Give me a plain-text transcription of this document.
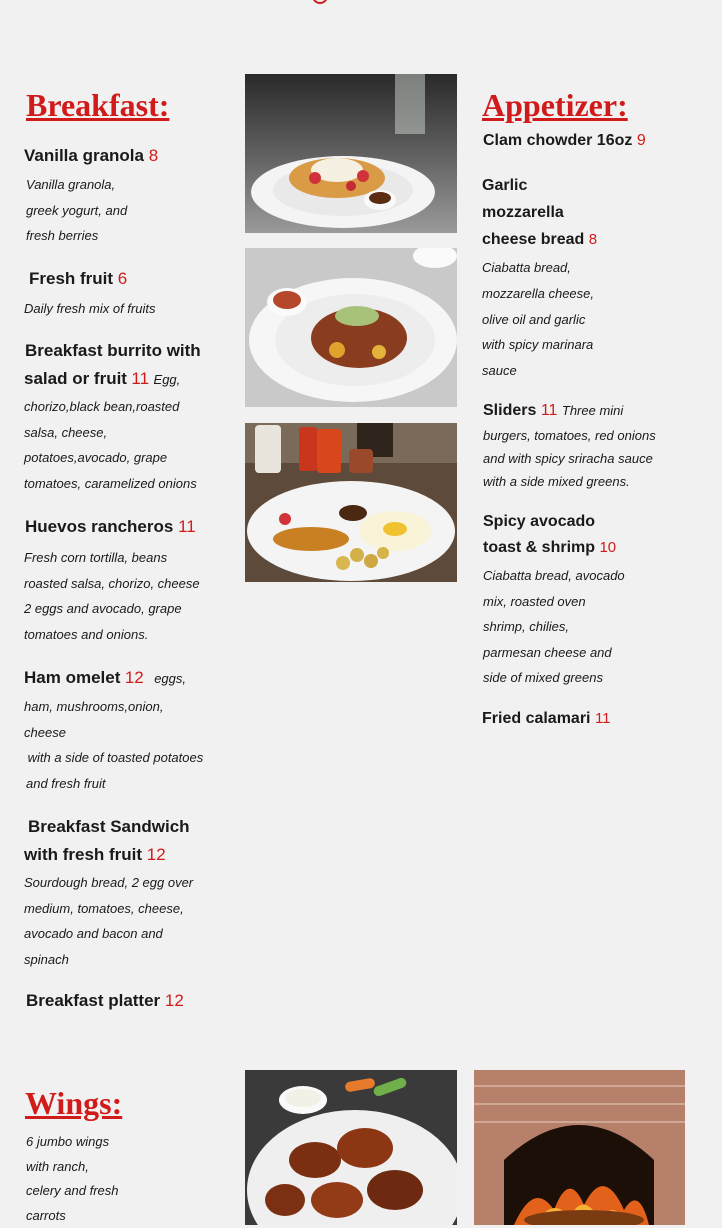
Breakfast:
Vanilla granola 8
Vanilla granola,
greek yogurt, and
fresh berries
Fresh fruit 6
Daily fresh mix of fruits
Breakfast burrito with
salad or fruit 11 Egg,
chorizo,black bean,roasted
salsa, cheese,
potatoes,avocado, grape
tomatoes, caramelized onions
Huevos rancheros 11
Fresh corn tortilla, beans
roasted salsa, chorizo, cheese
2 eggs and avocado, grape
tomatoes and onions.
Ham omelet 12 eggs,
ham, mushrooms,onion,
cheese
with a side of toasted potatoes
and fresh fruit
Breakfast Sandwich
with fresh fruit 12
Sourdough bread, 2 egg over
medium, tomatoes, cheese,
avocado and bacon and
spinach
Breakfast platter 12
Appetizer:
Clam chowder 16oz 9
Garlic
mozzarella
cheese bread 8
Ciabatta bread,
mozzarella cheese,
olive oil and garlic
with spicy marinara
sauce
Sliders 11 Three mini
burgers, tomatoes, red onions
and with spicy sriracha sauce
with a side mixed greens.
Spicy avocado
toast & shrimp 10
Ciabatta bread, avocado
mix, roasted oven
shrimp, chilies,
parmesan cheese and
side of mixed greens
Fried calamari 11
Wings:
6 jumbo wings
with ranch,
celery and fresh
carrots
